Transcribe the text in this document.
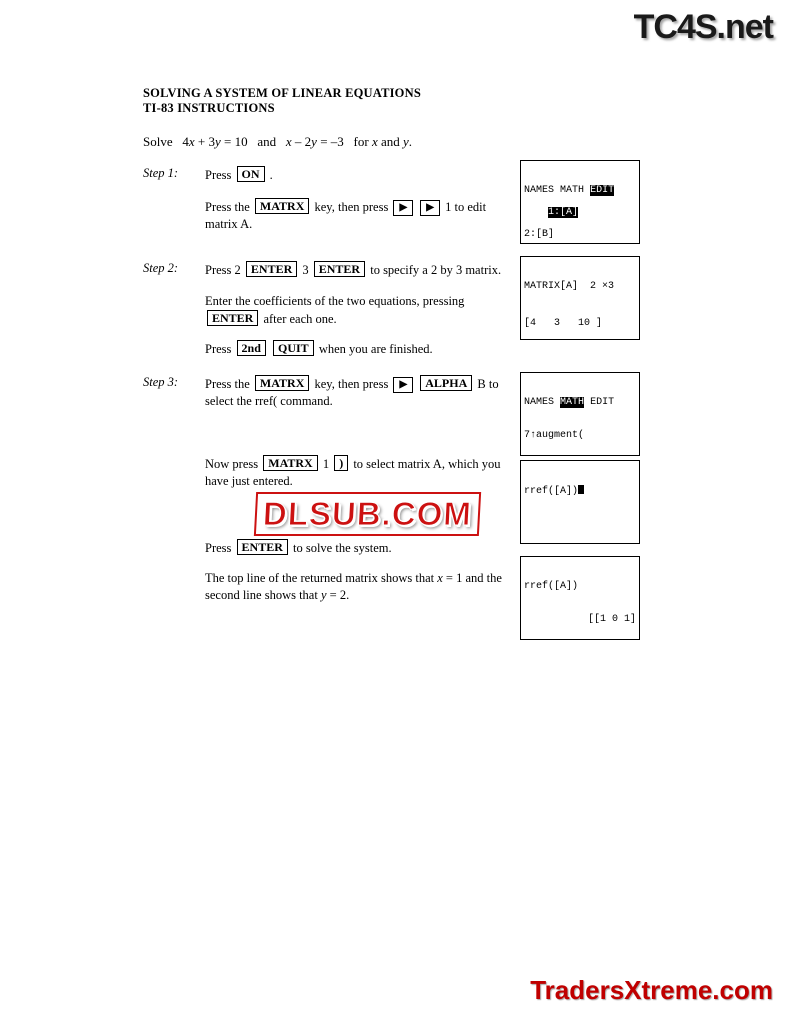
TC4S.net
SOLVING A SYSTEM OF LINEAR EQUATIONS
TI-83 INSTRUCTIONS
Solve   4x + 3y = 10   and   x – 2y = –3   for x and y.
Step 1: Press ON .
Press the MATRX key, then press ▶ ▶ 1 to edit matrix A.
Step 2: Press 2 ENTER 3 ENTER to specify a 2 by 3 matrix.
Enter the coefficients of the two equations, pressing ENTER after each one.
Press 2nd QUIT when you are finished.
Step 3: Press the MATRX key, then press ▶ ALPHA B to select the rref( command.
Now press MATRX 1 ) to select matrix A, which you have just entered.
Press ENTER to solve the system.
The top line of the returned matrix shows that x = 1 and the second line shows that y = 2.

NAMES MATH EDIT

1:[A]

2:[B]

MATRIX[A]  2 ×3

[4   3   10 ]

NAMES MATH EDIT

7↑augment(

rref([A])

rref([A])

[[1 0 1]

DLSUB.COM
TradersXtreme.com
